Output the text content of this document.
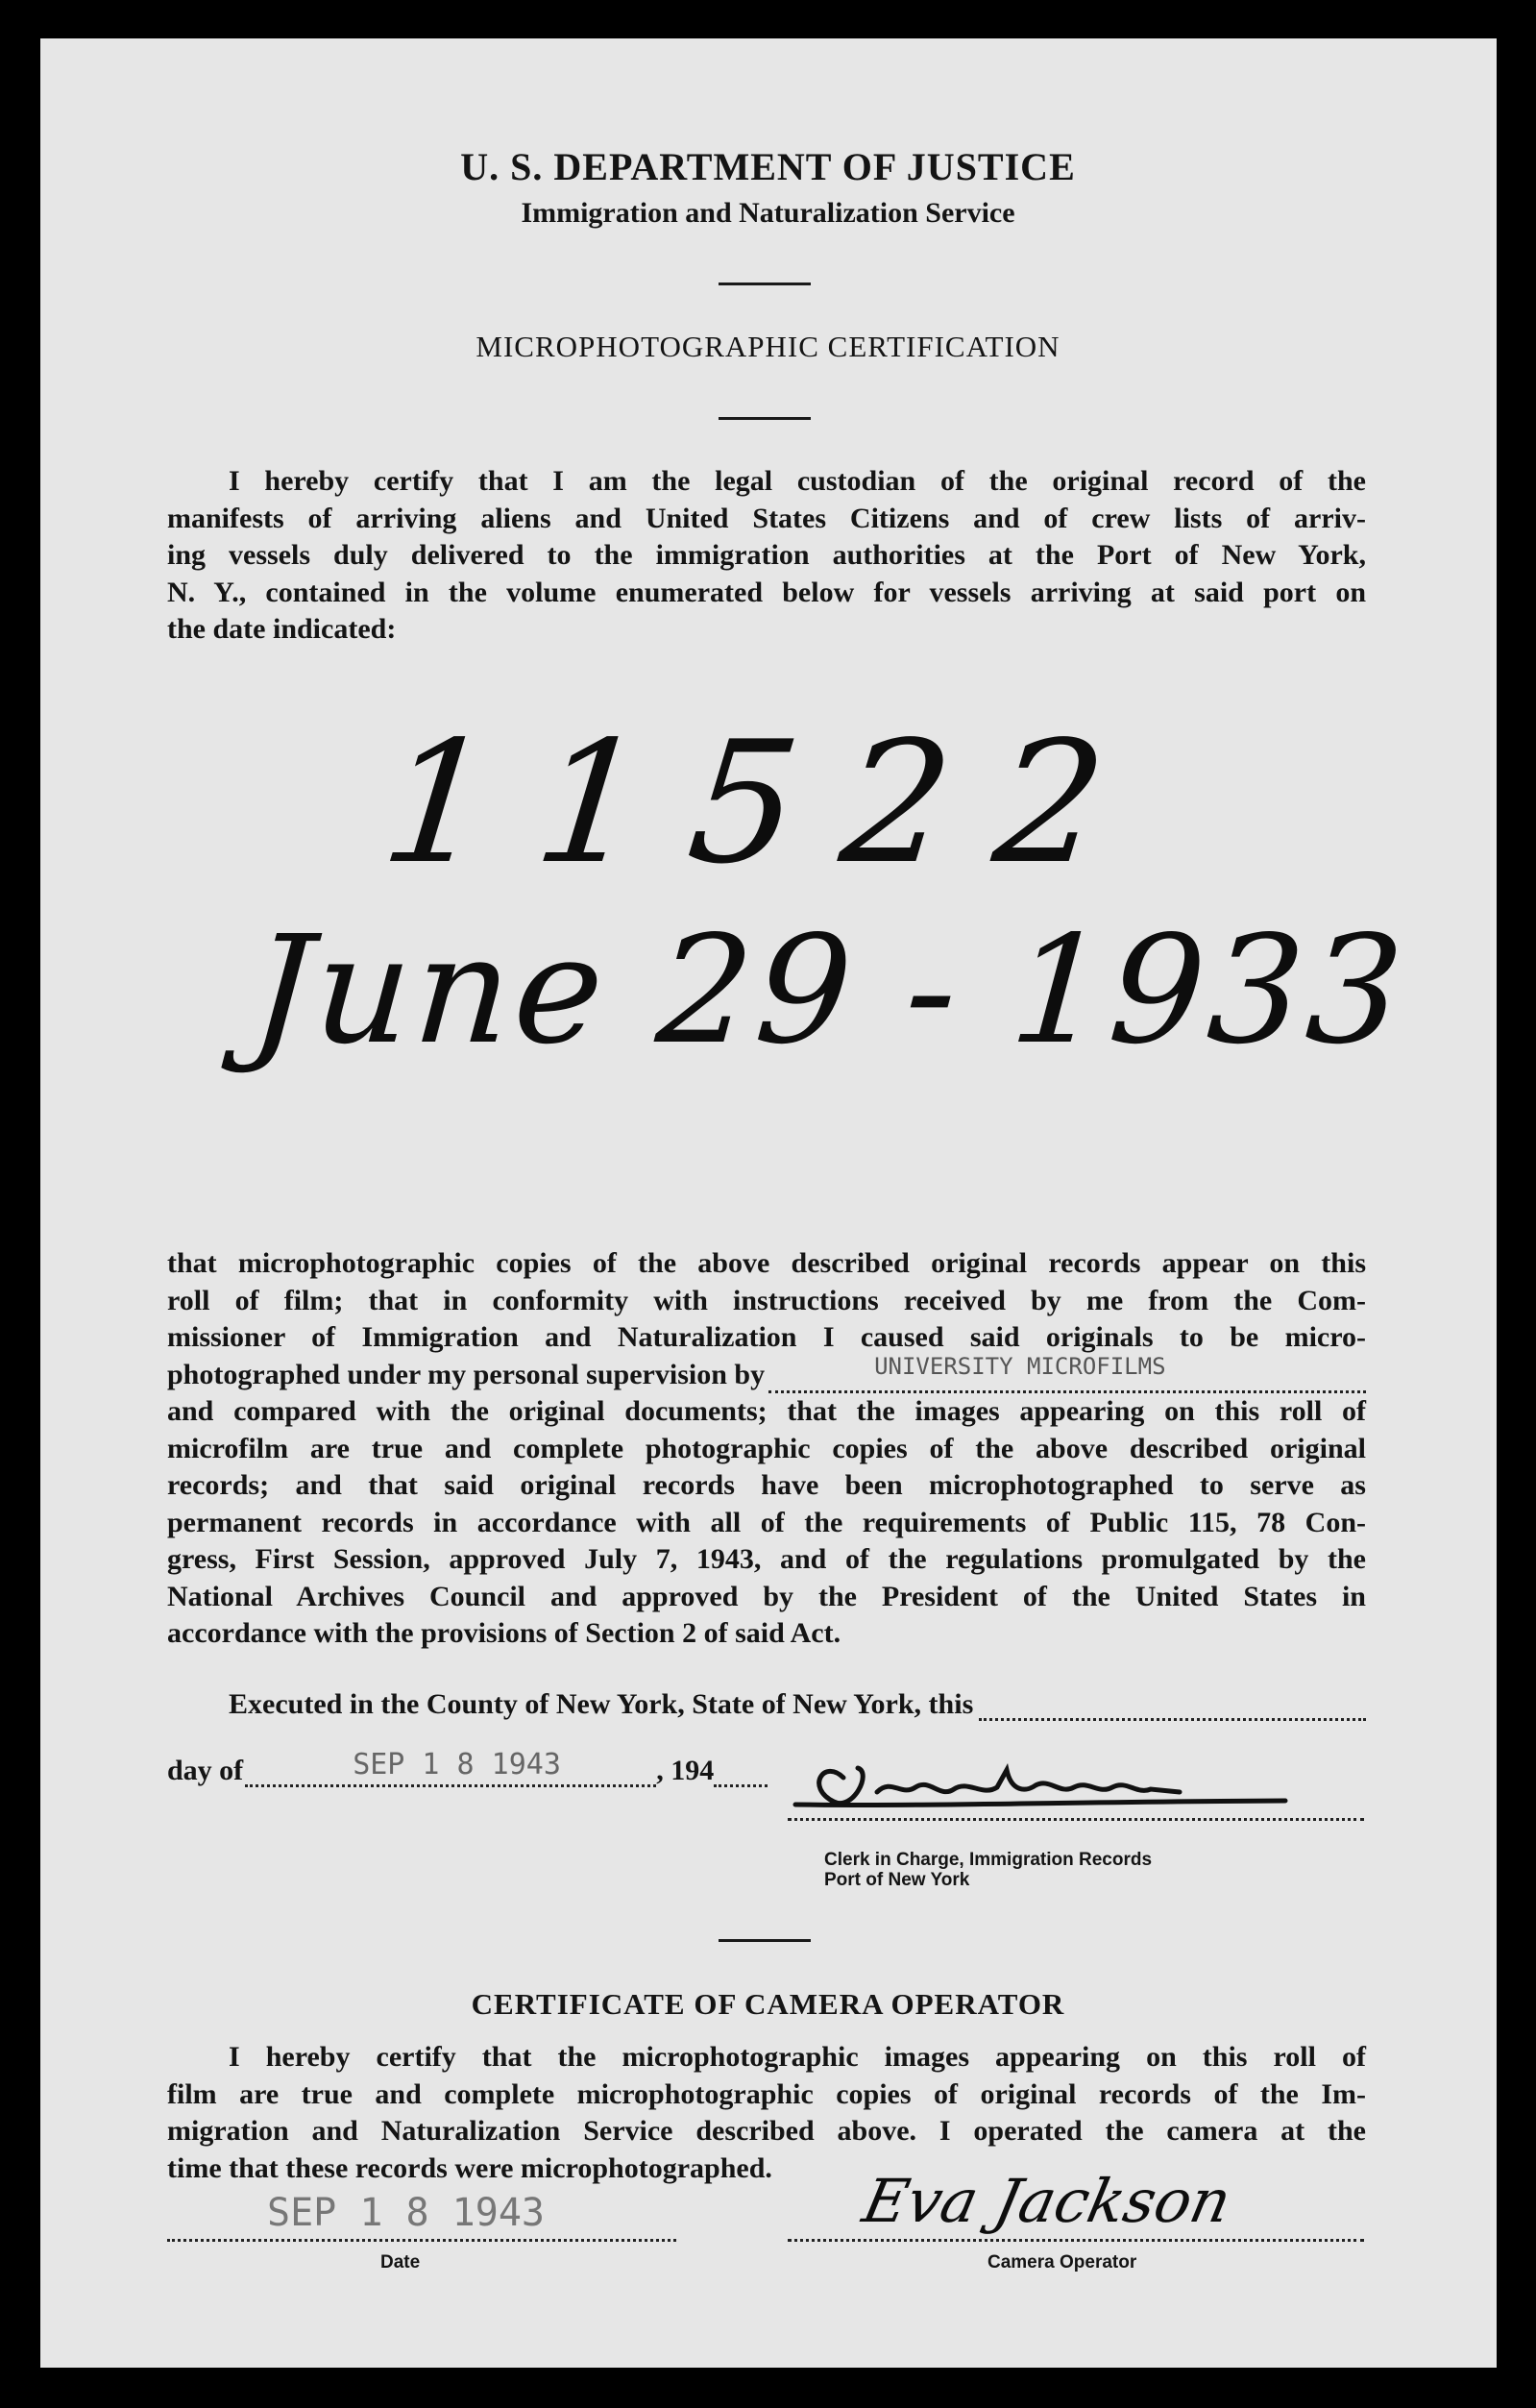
U. S. DEPARTMENT OF JUSTICE
Immigration and Naturalization Service
MICROPHOTOGRAPHIC CERTIFICATION
I hereby certify that I am the legal custodian of the original record of the
manifests of arriving aliens and United States Citizens and of crew lists of arriv-
ing vessels duly delivered to the immigration authorities at the Port of New York,
N. Y., contained in the volume enumerated below for vessels arriving at said port on
the date indicated:
11522
June 29 - 1933
that microphotographic copies of the above described original records appear on this
roll of film; that in conformity with instructions received by me from the Com-
missioner of Immigration and Naturalization I caused said originals to be micro-
photographed under my personal supervision by	UNIVERSITY MICROFILMS
and compared with the original documents; that the images appearing on this roll of
microfilm are true and complete photographic copies of the above described original
records; and that said original records have been microphotographed to serve as
permanent records in accordance with all of the requirements of Public 115, 78 Con-
gress, First Session, approved July 7, 1943, and of the regulations promulgated by the
National Archives Council and approved by the President of the United States in
accordance with the provisions of Section 2 of said Act.
Executed in the County of New York, State of New York, this
day of	SEP 1 8 1943	, 194
Clerk in Charge, Immigration Records
Port of New York
CERTIFICATE OF CAMERA OPERATOR
I hereby certify that the microphotographic images appearing on this roll of
film are true and complete microphotographic copies of original records of the Im-
migration and Naturalization Service described above. I operated the camera at the
time that these records were microphotographed.
SEP 1 8 1943
Date
Eva Jackson
Camera Operator
